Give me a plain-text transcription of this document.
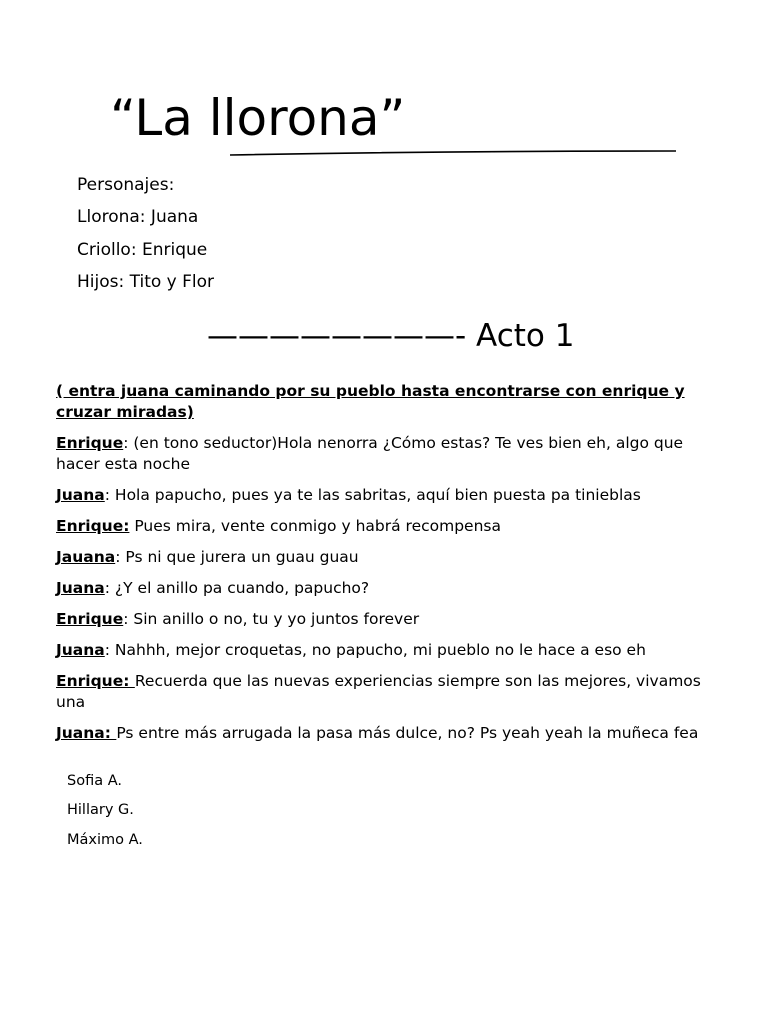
“La llorona”
Personajes:
Llorona: Juana
Criollo: Enrique
Hijos: Tito y Flor
————————- Acto 1
( entra juana caminando por su pueblo hasta encontrarse con enrique y cruzar miradas)
Enrique: (en tono seductor)Hola nenorra ¿Cómo estas? Te ves bien eh, algo que hacer esta noche
Juana: Hola papucho, pues ya te las sabritas, aquí bien puesta pa tinieblas
Enrique: Pues mira, vente conmigo y habrá recompensa
Jauana: Ps ni que jurera un guau guau
Juana: ¿Y el anillo pa cuando, papucho?
Enrique: Sin anillo o no, tu y yo juntos forever
Juana: Nahhh, mejor croquetas, no papucho, mi pueblo no le hace a eso eh
Enrique: Recuerda que las nuevas experiencias siempre son las mejores, vivamos una
Juana: Ps entre más arrugada la pasa más dulce, no? Ps yeah yeah la muñeca fea
Sofia A.
Hillary G.
Máximo A.
